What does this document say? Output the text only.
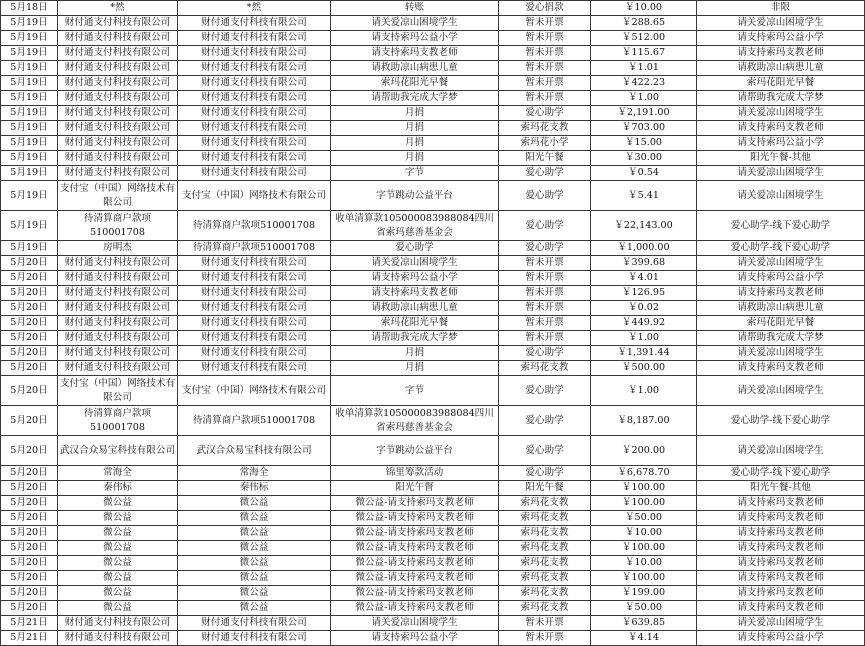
5月18日	*然	*然	转账	爱心捐款	￥10.00	非限
5月19日	财付通支付科技有限公司	财付通支付科技有限公司	请关爱凉山困境学生	暂未开票	￥288.65	请关爱凉山困境学生
5月19日	财付通支付科技有限公司	财付通支付科技有限公司	请支持索玛公益小学	暂未开票	￥512.00	请支持索玛公益小学
5月19日	财付通支付科技有限公司	财付通支付科技有限公司	请支持索玛支教老师	暂未开票	￥115.67	请支持索玛支教老师
5月19日	财付通支付科技有限公司	财付通支付科技有限公司	请救助凉山病患儿童	暂未开票	￥1.01	请救助凉山病患儿童
5月19日	财付通支付科技有限公司	财付通支付科技有限公司	索玛花阳光早餐	暂未开票	￥422.23	索玛花阳光早餐
5月19日	财付通支付科技有限公司	财付通支付科技有限公司	请帮助我完成大学梦	暂未开票	￥1.00	请帮助我完成大学梦
5月19日	财付通支付科技有限公司	财付通支付科技有限公司	月捐	爱心助学	￥2,191.00	请关爱凉山困境学生
5月19日	财付通支付科技有限公司	财付通支付科技有限公司	月捐	索玛花支教	￥703.00	请支持索玛支教老师
5月19日	财付通支付科技有限公司	财付通支付科技有限公司	月捐	索玛花小学	￥15.00	请支持索玛公益小学
5月19日	财付通支付科技有限公司	财付通支付科技有限公司	月捐	阳光午餐	￥30.00	阳光午餐-其他
5月19日	财付通支付科技有限公司	财付通支付科技有限公司	字节	爱心助学	￥0.54	请关爱凉山困境学生
5月19日	支付宝（中国）网络技术有限公司	支付宝（中国）网络技术有限公司	字节跳动公益平台	爱心助学	￥5.41	请关爱凉山困境学生
5月19日	待清算商户款项510001708	待清算商户款项510001708	收单清算款105000083988084四川省索玛慈善基金会	爱心助学	￥22,143.00	爱心助学-线下爱心助学
5月19日	房明杰	待清算商户款项510001708	爱心助学	爱心助学	￥1,000.00	爱心助学-线下爱心助学
5月20日	财付通支付科技有限公司	财付通支付科技有限公司	请关爱凉山困境学生	暂未开票	￥399.68	请关爱凉山困境学生
5月20日	财付通支付科技有限公司	财付通支付科技有限公司	请支持索玛公益小学	暂未开票	￥4.01	请支持索玛公益小学
5月20日	财付通支付科技有限公司	财付通支付科技有限公司	请支持索玛支教老师	暂未开票	￥126.95	请支持索玛支教老师
5月20日	财付通支付科技有限公司	财付通支付科技有限公司	请救助凉山病患儿童	暂未开票	￥0.02	请救助凉山病患儿童
5月20日	财付通支付科技有限公司	财付通支付科技有限公司	索玛花阳光早餐	暂未开票	￥449.92	索玛花阳光早餐
5月20日	财付通支付科技有限公司	财付通支付科技有限公司	请帮助我完成大学梦	暂未开票	￥1.00	请帮助我完成大学梦
5月20日	财付通支付科技有限公司	财付通支付科技有限公司	月捐	爱心助学	￥1,391.44	请关爱凉山困境学生
5月20日	财付通支付科技有限公司	财付通支付科技有限公司	月捐	索玛花支教	￥500.00	请支持索玛支教老师
5月20日	支付宝（中国）网络技术有限公司	支付宝（中国）网络技术有限公司	字节	爱心助学	￥1.00	请关爱凉山困境学生
5月20日	待清算商户款项510001708	待清算商户款项510001708	收单清算款105000083988084四川省索玛慈善基金会	爱心助学	￥8,187.00	爱心助学-线下爱心助学
5月20日	武汉合众易宝科技有限公司	武汉合众易宝科技有限公司	字节跳动公益平台	爱心助学	￥200.00	请关爱凉山困境学生
5月20日	常海全	常海全	锦里筹款活动	爱心助学	￥6,678.70	爱心助学-线下爱心助学
5月20日	秦伟标	秦伟标	阳光午督	阳光午餐	￥100.00	阳光午餐-其他
5月20日	微公益	微公益	微公益-请支持索玛支教老师	索玛花支教	￥100.00	请支持索玛支教老师
5月20日	微公益	微公益	微公益-请支持索玛支教老师	索玛花支教	￥50.00	请支持索玛支教老师
5月20日	微公益	微公益	微公益-请支持索玛支教老师	索玛花支教	￥10.00	请支持索玛支教老师
5月20日	微公益	微公益	微公益-请支持索玛支教老师	索玛花支教	￥100.00	请支持索玛支教老师
5月20日	微公益	微公益	微公益-请支持索玛支教老师	索玛花支教	￥10.00	请支持索玛支教老师
5月20日	微公益	微公益	微公益-请支持索玛支教老师	索玛花支教	￥100.00	请支持索玛支教老师
5月20日	微公益	微公益	微公益-请支持索玛支教老师	索玛花支教	￥199.00	请支持索玛支教老师
5月20日	微公益	微公益	微公益-请支持索玛支教老师	索玛花支教	￥50.00	请支持索玛支教老师
5月21日	财付通支付科技有限公司	财付通支付科技有限公司	请关爱凉山困境学生	暂未开票	￥639.85	请关爱凉山困境学生
5月21日	财付通支付科技有限公司	财付通支付科技有限公司	请支持索玛公益小学	暂未开票	￥4.14	请支持索玛公益小学
